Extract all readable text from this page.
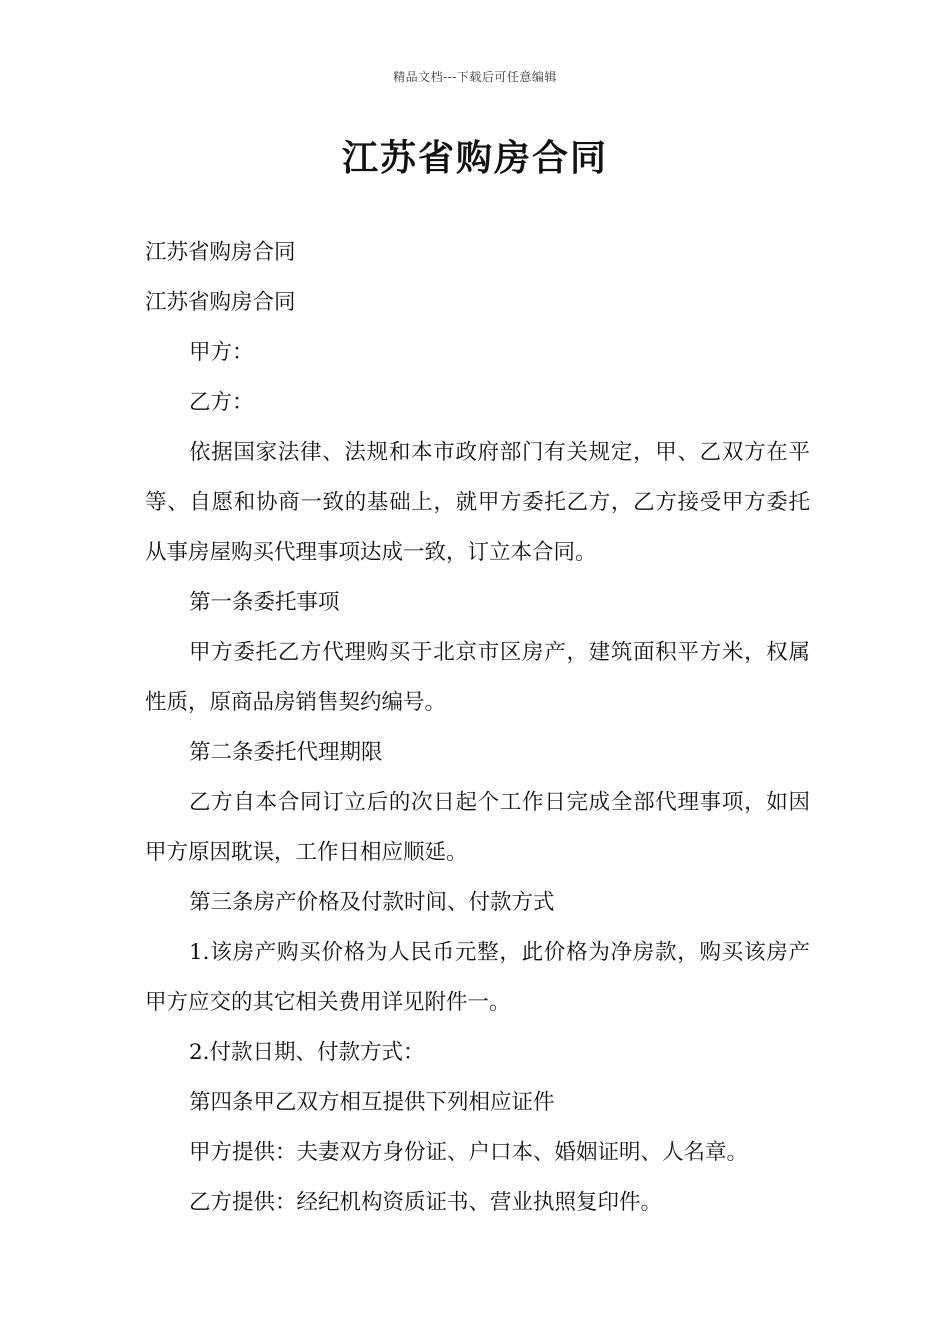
精品文档---下载后可任意编辑
江苏省购房合同

江苏省购房合同

江苏省购房合同

甲方：

乙方：

依据国家法律、法规和本市政府部门有关规定，甲、乙双方在平等、自愿和协商一致的基础上，就甲方委托乙方，乙方接受甲方委托从事房屋购买代理事项达成一致，订立本合同。

第一条委托事项

甲方委托乙方代理购买于北京市区房产，建筑面积平方米，权属性质，原商品房销售契约编号。

第二条委托代理期限

乙方自本合同订立后的次日起个工作日完成全部代理事项，如因甲方原因耽误，工作日相应顺延。

第三条房产价格及付款时间、付款方式

1.该房产购买价格为人民币元整，此价格为净房款，购买该房产甲方应交的其它相关费用详见附件一。

2.付款日期、付款方式：

第四条甲乙双方相互提供下列相应证件

甲方提供：夫妻双方身份证、户口本、婚姻证明、人名章。

乙方提供：经纪机构资质证书、营业执照复印件。
